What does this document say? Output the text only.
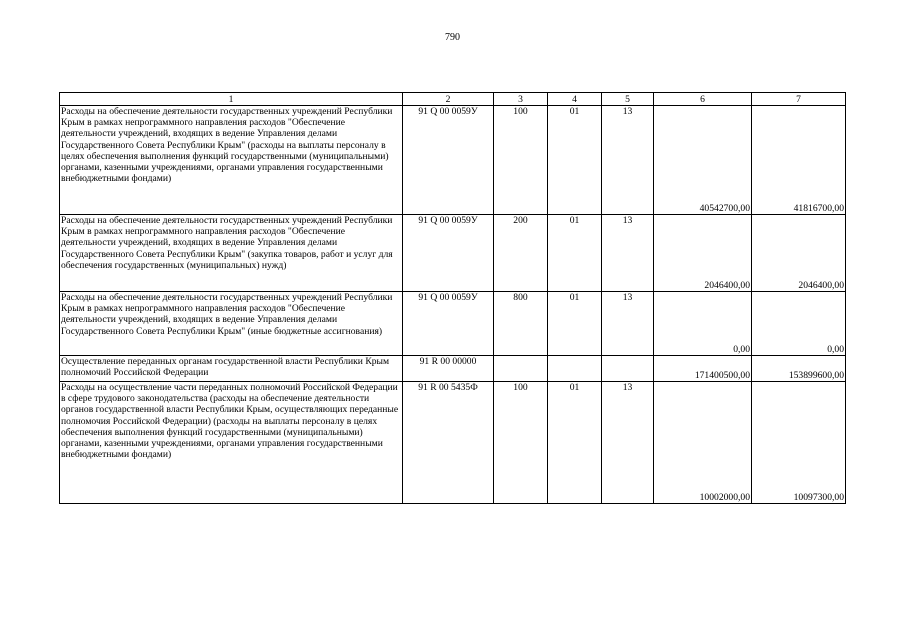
790
1	2	3	4	5	6	7
Расходы на обеспечение деятельности государственных учреждений Республики Крым в рамках непрограммного направления расходов "Обеспечение деятельности учреждений, входящих в ведение Управления делами Государственного Совета Республики Крым" (расходы на выплаты персоналу в целях обеспечения выполнения функций государственными (муниципальными) органами, казенными учреждениями, органами управления государственными внебюджетными фондами)	91 Q 00 0059У	100	01	13	40542700,00	41816700,00
Расходы на обеспечение деятельности государственных учреждений Республики Крым в рамках непрограммного направления расходов "Обеспечение деятельности учреждений, входящих в ведение Управления делами Государственного Совета Республики Крым" (закупка товаров, работ и услуг для обеспечения государственных (муниципальных) нужд)	91 Q 00 0059У	200	01	13	2046400,00	2046400,00
Расходы на обеспечение деятельности государственных учреждений Республики Крым в рамках непрограммного направления расходов "Обеспечение деятельности учреждений, входящих в ведение Управления делами Государственного Совета Республики Крым" (иные бюджетные ассигнования)	91 Q 00 0059У	800	01	13	0,00	0,00
Осуществление переданных органам государственной власти Республики Крым полномочий Российской Федерации	91 R 00 00000				171400500,00	153899600,00
Расходы на осуществление части переданных полномочий Российской Федерации в сфере трудового законодательства (расходы на обеспечение деятельности органов государственной власти Республики Крым, осуществляющих переданные полномочия Российской Федерации) (расходы на выплаты персоналу в целях обеспечения выполнения функций государственными (муниципальными) органами, казенными учреждениями, органами управления государственными внебюджетными фондами)	91 R 00 5435Ф	100	01	13	10002000,00	10097300,00
